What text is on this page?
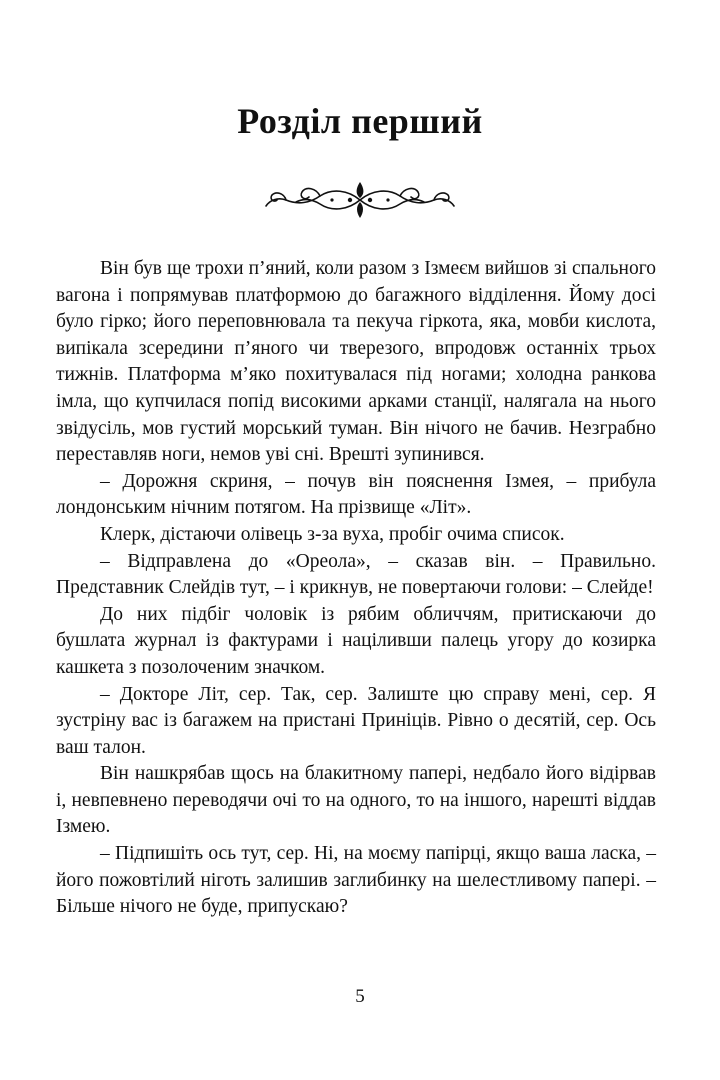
Розділ перший

Він був ще трохи п’яний, коли разом з Ізмеєм вийшов зі спального вагона і попрямував платформою до багажного відділення. Йому досі було гірко; його переповнювала та пекуча гіркота, яка, мовби кислота, випікала зсередини п’яного чи тверезого, впродовж останніх трьох тижнів. Платформа м’яко похитувалася під ногами; холодна ранкова імла, що купчилася попід високими арками станції, налягала на нього звідусіль, мов густий морський туман. Він нічого не бачив. Незграбно переставляв ноги, немов уві сні. Врешті зупинився.

– Дорожня скриня, – почув він пояснення Ізмея, – прибула лондонським нічним потягом. На прізвище «Літ».

Клерк, дістаючи олівець з-за вуха, пробіг очима список.

– Відправлена до «Ореола», – сказав він. – Правильно. Представник Слейдів тут, – і крикнув, не повертаючи голови: – Слейде!

До них підбіг чоловік із рябим обличчям, притискаючи до бушлата журнал із фактурами і націливши палець угору до козирка кашкета з позолоченим значком.

– Докторе Літ, сер. Так, сер. Залиште цю справу мені, сер. Я зустріну вас із багажем на пристані Приніців. Рівно о десятій, сер. Ось ваш талон.

Він нашкрябав щось на блакитному папері, недбало його відірвав і, невпевнено переводячи очі то на одного, то на іншого, нарешті віддав Ізмею.

– Підпишіть ось тут, сер. Ні, на моєму папірці, якщо ваша ласка, – його пожовтілий ніготь залишив заглибинку на шелестливому папері. – Більше нічого не буде, припускаю?

5
